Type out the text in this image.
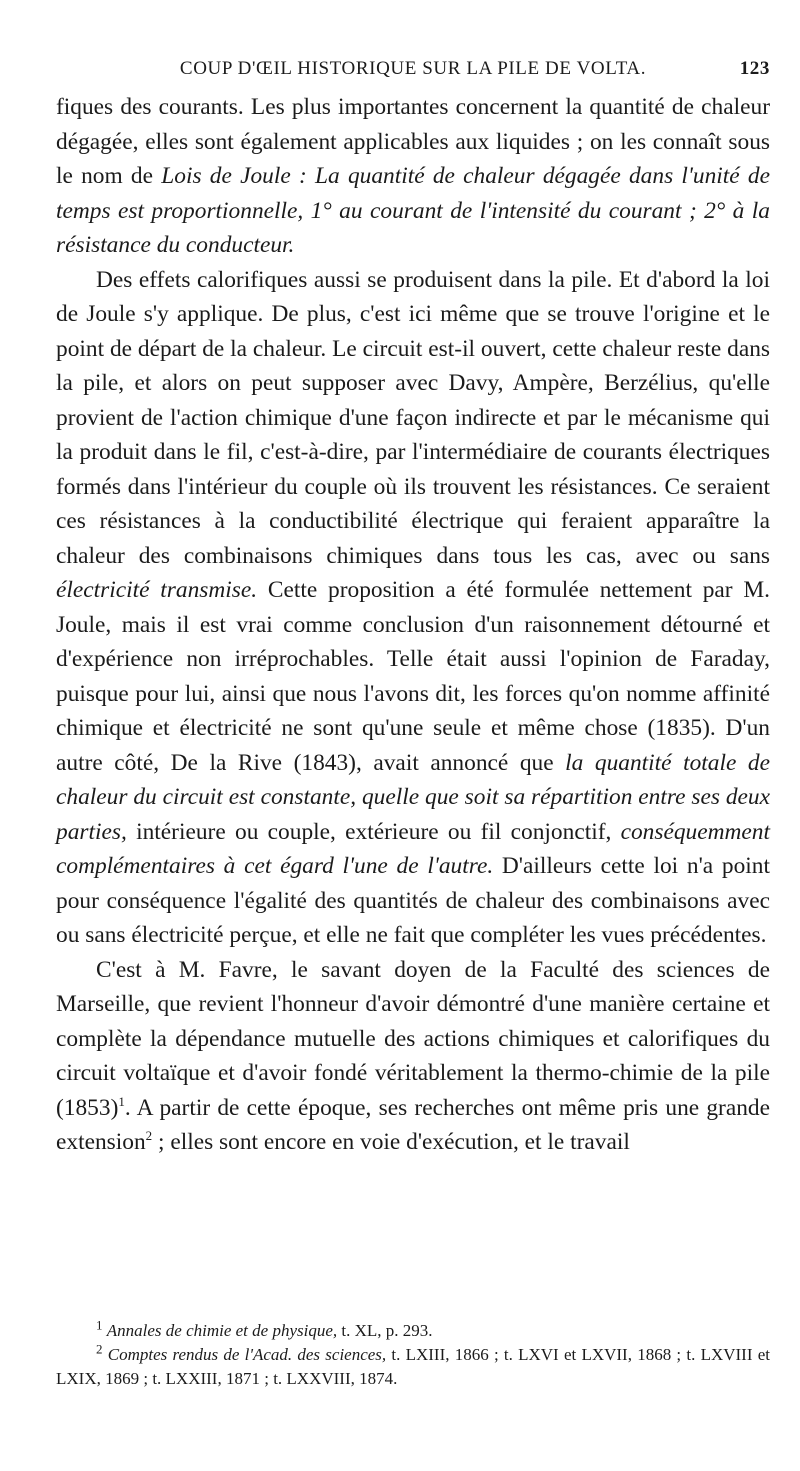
COUP D'ŒIL HISTORIQUE SUR LA PILE DE VOLTA.	123

fiques des courants. Les plus importantes concernent la quantité de chaleur dégagée, elles sont également applicables aux liquides ; on les connaît sous le nom de Lois de Joule : La quantité de chaleur dégagée dans l'unité de temps est proportionnelle, 1° au courant de l'intensité du courant ; 2° à la résistance du conducteur.

Des effets calorifiques aussi se produisent dans la pile. Et d'abord la loi de Joule s'y applique. De plus, c'est ici même que se trouve l'origine et le point de départ de la chaleur. Le circuit est-il ouvert, cette chaleur reste dans la pile, et alors on peut supposer avec Davy, Ampère, Berzélius, qu'elle provient de l'action chimique d'une façon indirecte et par le mécanisme qui la produit dans le fil, c'est-à-dire, par l'intermédiaire de courants électriques formés dans l'intérieur du couple où ils trouvent les résistances. Ce seraient ces résistances à la conductibilité électrique qui feraient apparaître la chaleur des combinaisons chimiques dans tous les cas, avec ou sans électricité transmise. Cette proposition a été formulée nettement par M. Joule, mais il est vrai comme conclusion d'un raisonnement détourné et d'expérience non irréprochables. Telle était aussi l'opinion de Faraday, puisque pour lui, ainsi que nous l'avons dit, les forces qu'on nomme affinité chimique et électricité ne sont qu'une seule et même chose (1835). D'un autre côté, De la Rive (1843), avait annoncé que la quantité totale de chaleur du circuit est constante, quelle que soit sa répartition entre ses deux parties, intérieure ou couple, extérieure ou fil conjonctif, conséquemment complémentaires à cet égard l'une de l'autre. D'ailleurs cette loi n'a point pour conséquence l'égalité des quantités de chaleur des combinaisons avec ou sans électricité perçue, et elle ne fait que compléter les vues précédentes.

C'est à M. Favre, le savant doyen de la Faculté des sciences de Marseille, que revient l'honneur d'avoir démontré d'une manière certaine et complète la dépendance mutuelle des actions chimiques et calorifiques du circuit voltaïque et d'avoir fondé véritablement la thermo-chimie de la pile $(1853)^1$. A partir de cette époque, ses recherches ont même pris une grande extension$^2$ ; elles sont encore en voie d'exécution, et le travail

$^1$ Annales de chimie et de physique, t. XL, p. 293.

$^2$ Comptes rendus de l'Acad. des sciences, t. LXIII, 1866 ; t. LXVI et LXVII, 1868 ; t. LXVIII et LXIX, 1869 ; t. LXXIII, 1871 ; t. LXXVIII, 1874.
